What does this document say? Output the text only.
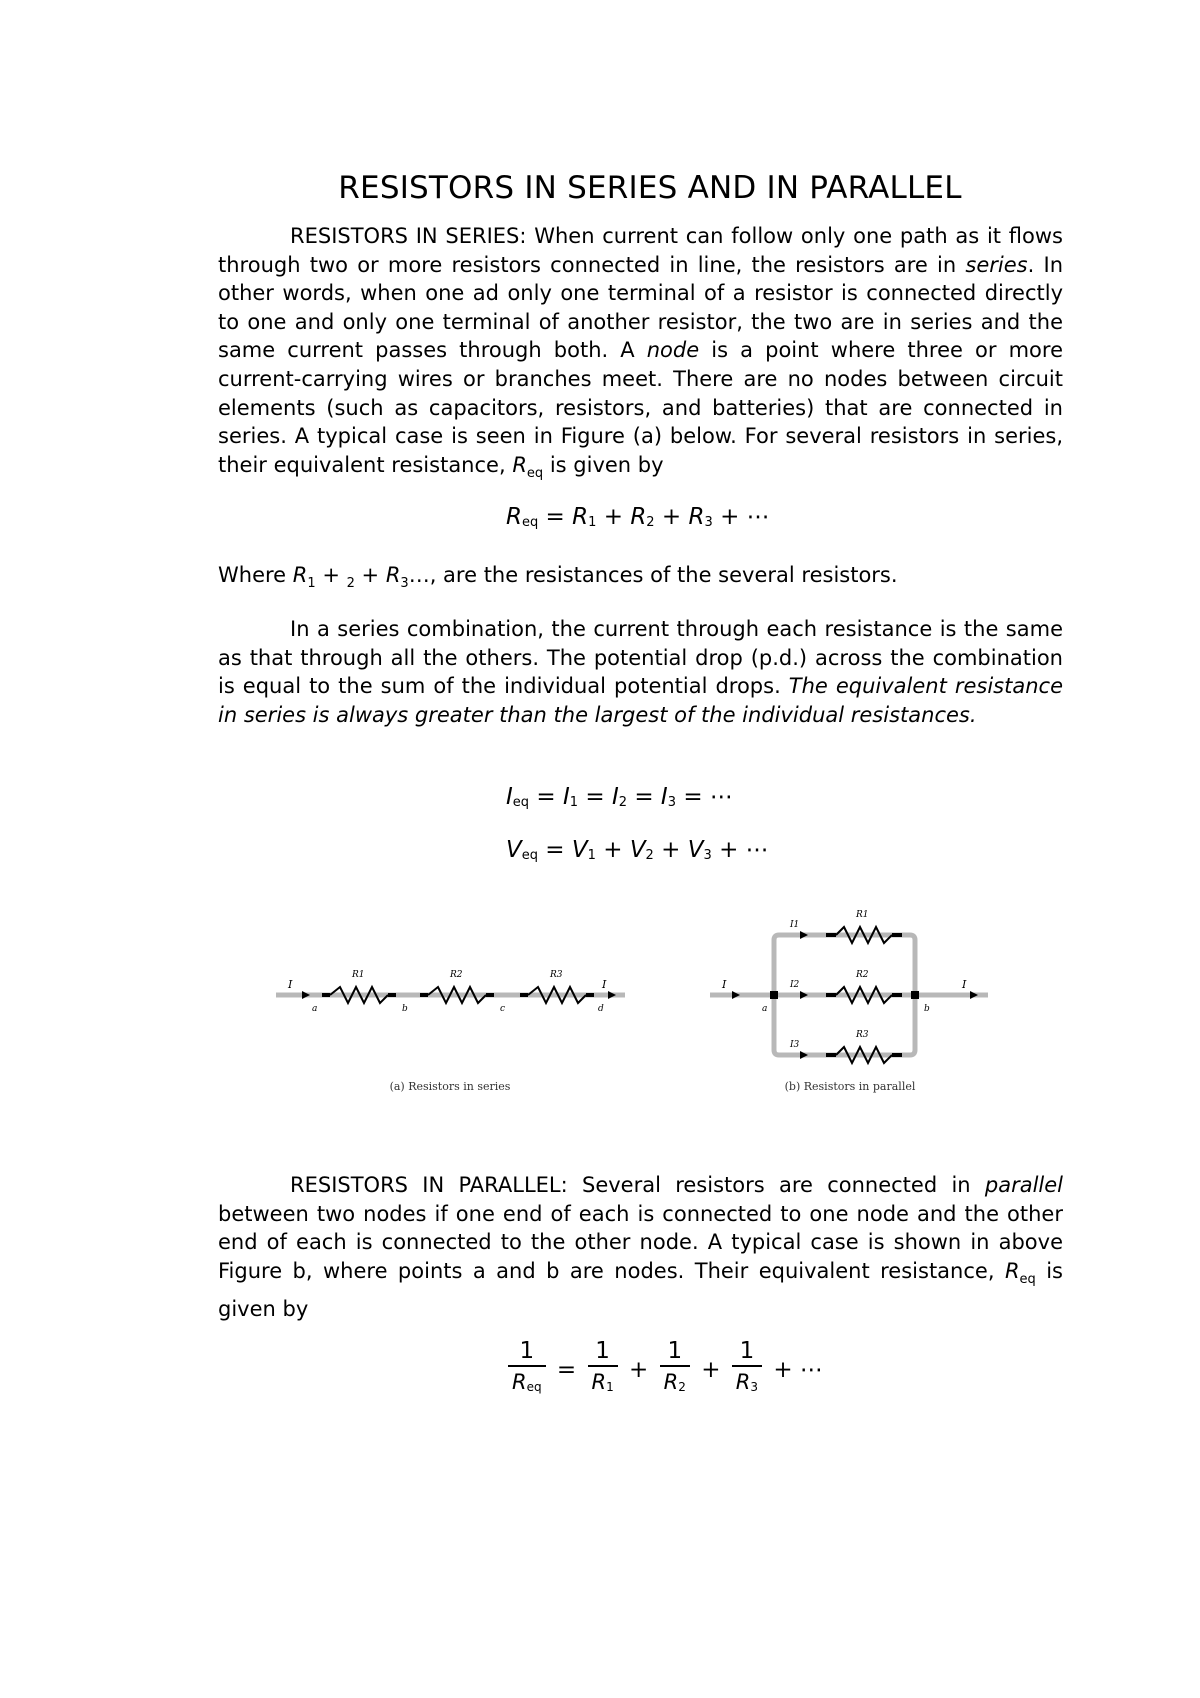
RESISTORS IN SERIES AND IN PARALLEL
RESISTORS IN SERIES: When current can follow only one path as it flows through two or more resistors connected in line, the resistors are in series. In other words, when one ad only one terminal of a resistor is connected directly to one and only one terminal of another resistor, the two are in series and the same current passes through both. A node is a point where three or more current-carrying wires or branches meet. There are no nodes between circuit elements (such as capacitors, resistors, and batteries) that are connected in series. A typical case is seen in Figure (a) below. For several resistors in series, their equivalent resistance, $R_{eq}$ is given by
$R_{eq} = R_1 + R_2 + R_3$ + ⋯
Where $R_1 + _2$ + $R_3\dots$, are the resistances of the several resistors.
In a series combination, the current through each resistance is the same as that through all the others. The potential drop (p.d.) across the combination is equal to the sum of the individual potential drops. The equivalent resistance in series is always greater than the largest of the individual resistances.
$I_{eq} = I_1 = I_2 = I_3$ = ⋯
$V_{eq} = V_1 + V_2 + V_3$ + ⋯
I	I
R1	R2	R3
a	b	c	d
(a) Resistors in series
I	I
I1
I2
I3
R1
R2
R3
a	b
(b) Resistors in parallel
RESISTORS IN PARALLEL: Several resistors are connected in parallel between two nodes if one end of each is connected to one node and the other end of each is connected to the other node. A typical case is shown in above Figure b, where points a and b are nodes. Their equivalent resistance, $R_{eq}$ is given by
$\frac{1}{R_{eq}} = \frac{1}{R_1} + \frac{1}{R_2} + \frac{1}{R_3}$ + ⋯
